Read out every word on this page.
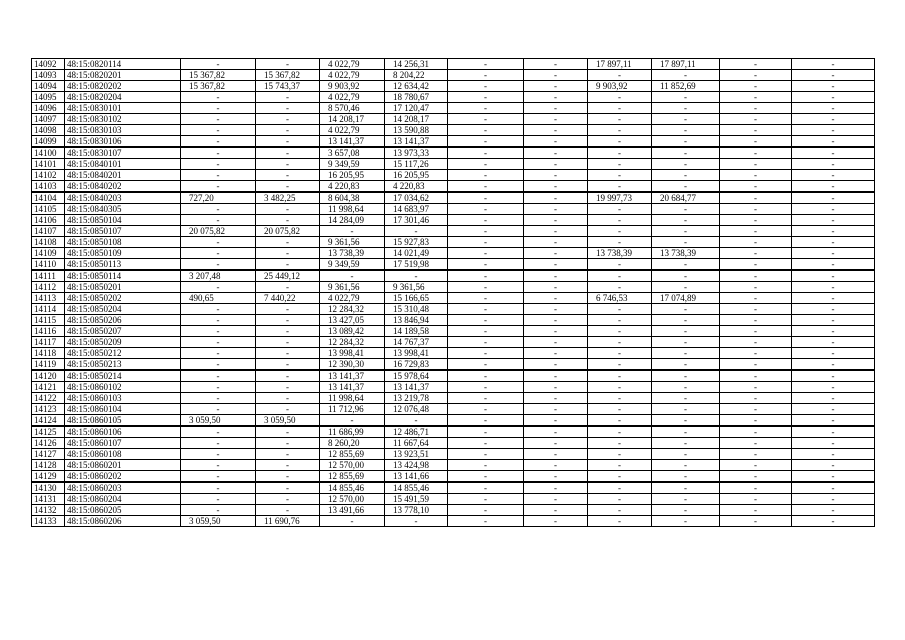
14092	48:15:0820114	-	-	4 022,79	14 256,31	-	-	17 897,11	17 897,11	-	-
14093	48:15:0820201	15 367,82	15 367,82	4 022,79	8 204,22	-	-	-	-	-	-
14094	48:15:0820202	15 367,82	15 743,37	9 903,92	12 634,42	-	-	9 903,92	11 852,69	-	-
14095	48:15:0820204	-	-	4 022,79	18 780,67	-	-	-	-	-	-
14096	48:15:0830101	-	-	8 570,46	17 120,47	-	-	-	-	-	-
14097	48:15:0830102	-	-	14 208,17	14 208,17	-	-	-	-	-	-
14098	48:15:0830103	-	-	4 022,79	13 590,88	-	-	-	-	-	-
14099	48:15:0830106	-	-	13 141,37	13 141,37	-	-	-	-	-	-
14100	48:15:0830107	-	-	3 657,08	13 973,33	-	-	-	-	-	-
14101	48:15:0840101	-	-	9 349,59	15 117,26	-	-	-	-	-	-
14102	48:15:0840201	-	-	16 205,95	16 205,95	-	-	-	-	-	-
14103	48:15:0840202	-	-	4 220,83	4 220,83	-	-	-	-	-	-
14104	48:15:0840203	727,20	3 482,25	8 604,38	17 034,62	-	-	19 997,73	20 684,77	-	-
14105	48:15:0840305	-	-	11 998,64	14 683,97	-	-	-	-	-	-
14106	48:15:0850104	-	-	14 284,09	17 301,46	-	-	-	-	-	-
14107	48:15:0850107	20 075,82	20 075,82	-	-	-	-	-	-	-	-
14108	48:15:0850108	-	-	9 361,56	15 927,83	-	-	-	-	-	-
14109	48:15:0850109	-	-	13 738,39	14 021,49	-	-	13 738,39	13 738,39	-	-
14110	48:15:0850113	-	-	9 349,59	17 519,98	-	-	-	-	-	-
14111	48:15:0850114	3 207,48	25 449,12	-	-	-	-	-	-	-	-
14112	48:15:0850201	-	-	9 361,56	9 361,56	-	-	-	-	-	-
14113	48:15:0850202	490,65	7 440,22	4 022,79	15 166,65	-	-	6 746,53	17 074,89	-	-
14114	48:15:0850204	-	-	12 284,32	15 310,48	-	-	-	-	-	-
14115	48:15:0850206	-	-	13 427,05	13 846,94	-	-	-	-	-	-
14116	48:15:0850207	-	-	13 089,42	14 189,58	-	-	-	-	-	-
14117	48:15:0850209	-	-	12 284,32	14 767,37	-	-	-	-	-	-
14118	48:15:0850212	-	-	13 998,41	13 998,41	-	-	-	-	-	-
14119	48:15:0850213	-	-	12 390,30	16 729,83	-	-	-	-	-	-
14120	48:15:0850214	-	-	13 141,37	15 978,64	-	-	-	-	-	-
14121	48:15:0860102	-	-	13 141,37	13 141,37	-	-	-	-	-	-
14122	48:15:0860103	-	-	11 998,64	13 219,78	-	-	-	-	-	-
14123	48:15:0860104	-	-	11 712,96	12 076,48	-	-	-	-	-	-
14124	48:15:0860105	3 059,50	3 059,50	-	-	-	-	-	-	-	-
14125	48:15:0860106	-	-	11 686,99	12 486,71	-	-	-	-	-	-
14126	48:15:0860107	-	-	8 260,20	11 667,64	-	-	-	-	-	-
14127	48:15:0860108	-	-	12 855,69	13 923,51	-	-	-	-	-	-
14128	48:15:0860201	-	-	12 570,00	13 424,98	-	-	-	-	-	-
14129	48:15:0860202	-	-	12 855,69	13 141,66	-	-	-	-	-	-
14130	48:15:0860203	-	-	14 855,46	14 855,46	-	-	-	-	-	-
14131	48:15:0860204	-	-	12 570,00	15 491,59	-	-	-	-	-	-
14132	48:15:0860205	-	-	13 491,66	13 778,10	-	-	-	-	-	-
14133	48:15:0860206	3 059,50	11 690,76	-	-	-	-	-	-	-	-
